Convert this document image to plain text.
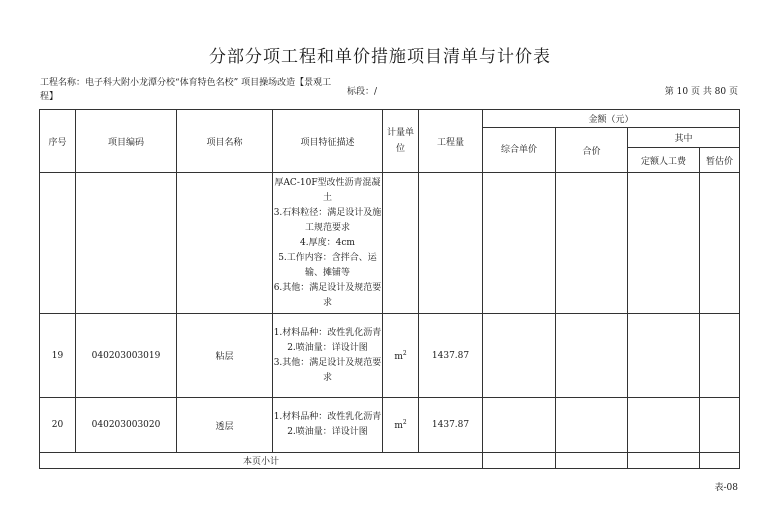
分部分项工程和单价措施项目清单与计价表
工程名称：电子科大附小龙潭分校“体育特色名校” 项目操场改造【景观工程】	标段：/	第 10 页 共 80 页
序号	项目编码	项目名称	项目特征描述	计量单位	工程量	金额（元）			
						综合单价	合价	其中	
								定额人工费	暂估价
			厚AC-10F型改性沥青混凝土
3.石料粒径：满足设计及施工规范要求
4.厚度：4cm
5.工作内容：含拌合、运输、摊铺等
6.其他：满足设计及规范要求						
19	040203003019	粘层	1.材料品种：改性乳化沥青
2.喷油量：详设计图
3.其他：满足设计及规范要求	$m^2$	1437.87				
20	040203003020	透层	1.材料品种：改性乳化沥青
2.喷油量：详设计图	$m^2$	1437.87				
本页小计									
表-08
